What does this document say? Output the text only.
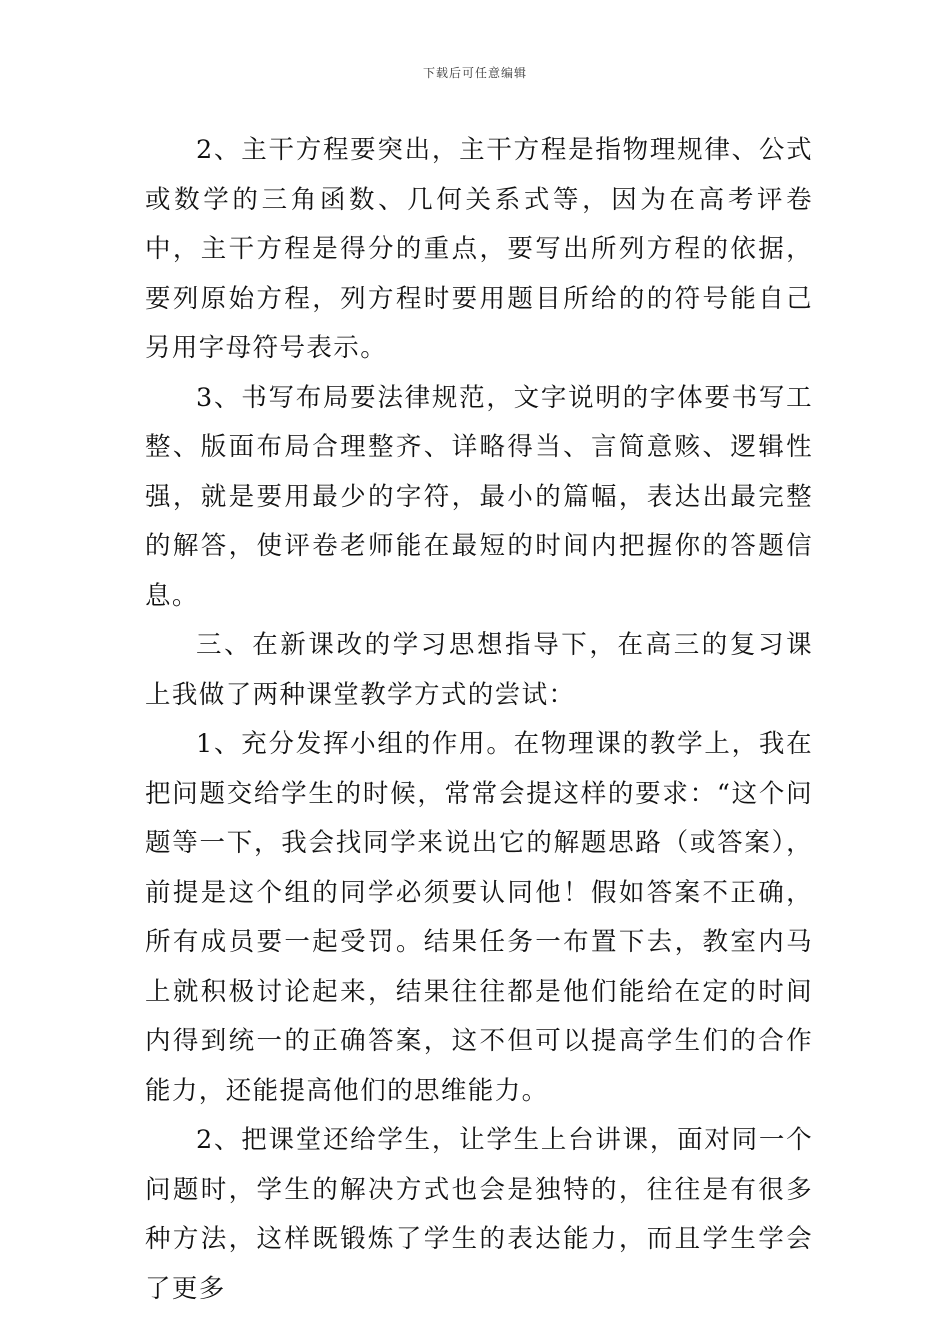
下载后可任意编辑

2、主干方程要突出，主干方程是指物理规律、公式或数学的三角函数、几何关系式等，因为在高考评卷中，主干方程是得分的重点，要写出所列方程的依据，要列原始方程，列方程时要用题目所给的的符号能自己另用字母符号表示。

3、书写布局要法律规范，文字说明的字体要书写工整、版面布局合理整齐、详略得当、言简意赅、逻辑性强，就是要用最少的字符，最小的篇幅，表达出最完整的解答，使评卷老师能在最短的时间内把握你的答题信息。

三、在新课改的学习思想指导下，在高三的复习课上我做了两种课堂教学方式的尝试：

1、充分发挥小组的作用。在物理课的教学上，我在把问题交给学生的时候，常常会提这样的要求：“这个问题等一下，我会找同学来说出它的解题思路（或答案），前提是这个组的同学必须要认同他！假如答案不正确，所有成员要一起受罚。结果任务一布置下去，教室内马上就积极讨论起来，结果往往都是他们能给在定的时间内得到统一的正确答案，这不但可以提高学生们的合作能力，还能提高他们的思维能力。

2、把课堂还给学生，让学生上台讲课，面对同一个问题时，学生的解决方式也会是独特的，往往是有很多种方法，这样既锻炼了学生的表达能力，而且学生学会了更多
